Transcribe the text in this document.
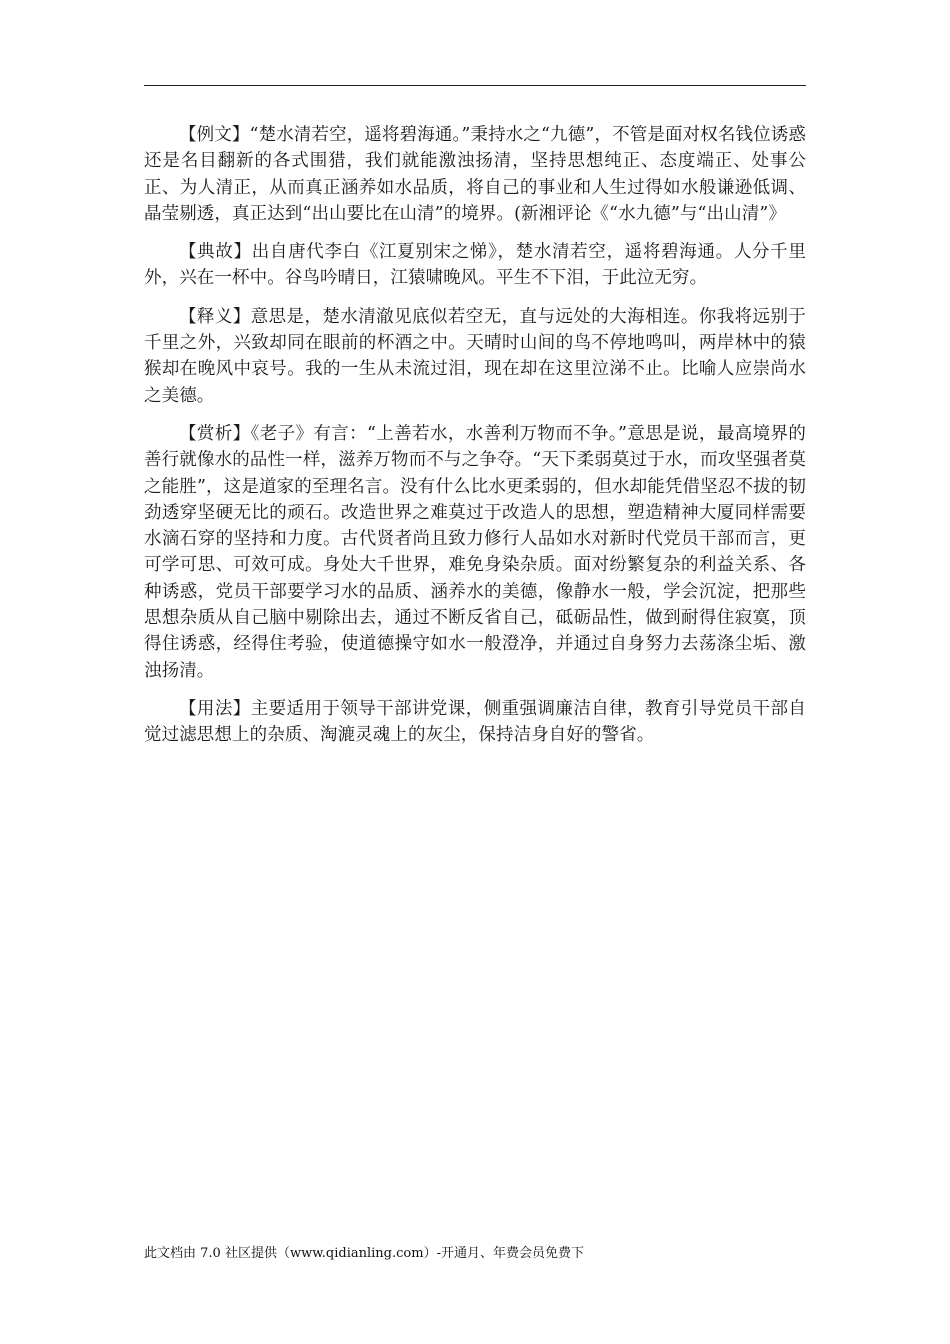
【例文】“楚水清若空，遥将碧海通。”秉持水之“九德”，不管是面对权名钱位诱惑还是名目翻新的各式围猎，我们就能激浊扬清，坚持思想纯正、态度端正、处事公正、为人清正，从而真正涵养如水品质，将自己的事业和人生过得如水般谦逊低调、晶莹剔透，真正达到“出山要比在山清”的境界。(新湘评论《“水九德”与“出山清”》

【典故】出自唐代李白《江夏别宋之悌》，楚水清若空，遥将碧海通。人分千里外，兴在一杯中。谷鸟吟晴日，江猿啸晚风。平生不下泪，于此泣无穷。

【释义】意思是，楚水清澈见底似若空无，直与远处的大海相连。你我将远别于千里之外，兴致却同在眼前的杯酒之中。天晴时山间的鸟不停地鸣叫，两岸林中的猿猴却在晚风中哀号。我的一生从未流过泪，现在却在这里泣涕不止。比喻人应崇尚水之美德。

【赏析】《老子》有言：“上善若水，水善利万物而不争。”意思是说，最高境界的善行就像水的品性一样，滋养万物而不与之争夺。“天下柔弱莫过于水，而攻坚强者莫之能胜”，这是道家的至理名言。没有什么比水更柔弱的，但水却能凭借坚忍不拔的韧劲透穿坚硬无比的顽石。改造世界之难莫过于改造人的思想，塑造精神大厦同样需要水滴石穿的坚持和力度。古代贤者尚且致力修行人品如水对新时代党员干部而言，更可学可思、可效可成。身处大千世界，难免身染杂质。面对纷繁复杂的利益关系、各种诱惑，党员干部要学习水的品质、涵养水的美德，像静水一般，学会沉淀，把那些思想杂质从自己脑中剔除出去，通过不断反省自己，砥砺品性，做到耐得住寂寞，顶得住诱惑，经得住考验，使道德操守如水一般澄净，并通过自身努力去荡涤尘垢、激浊扬清。

【用法】主要适用于领导干部讲党课，侧重强调廉洁自律，教育引导党员干部自觉过滤思想上的杂质、淘漉灵魂上的灰尘，保持洁身自好的警省。

此文档由 7.0 社区提供（www.qidianling.com）-开通月、年费会员免费下
